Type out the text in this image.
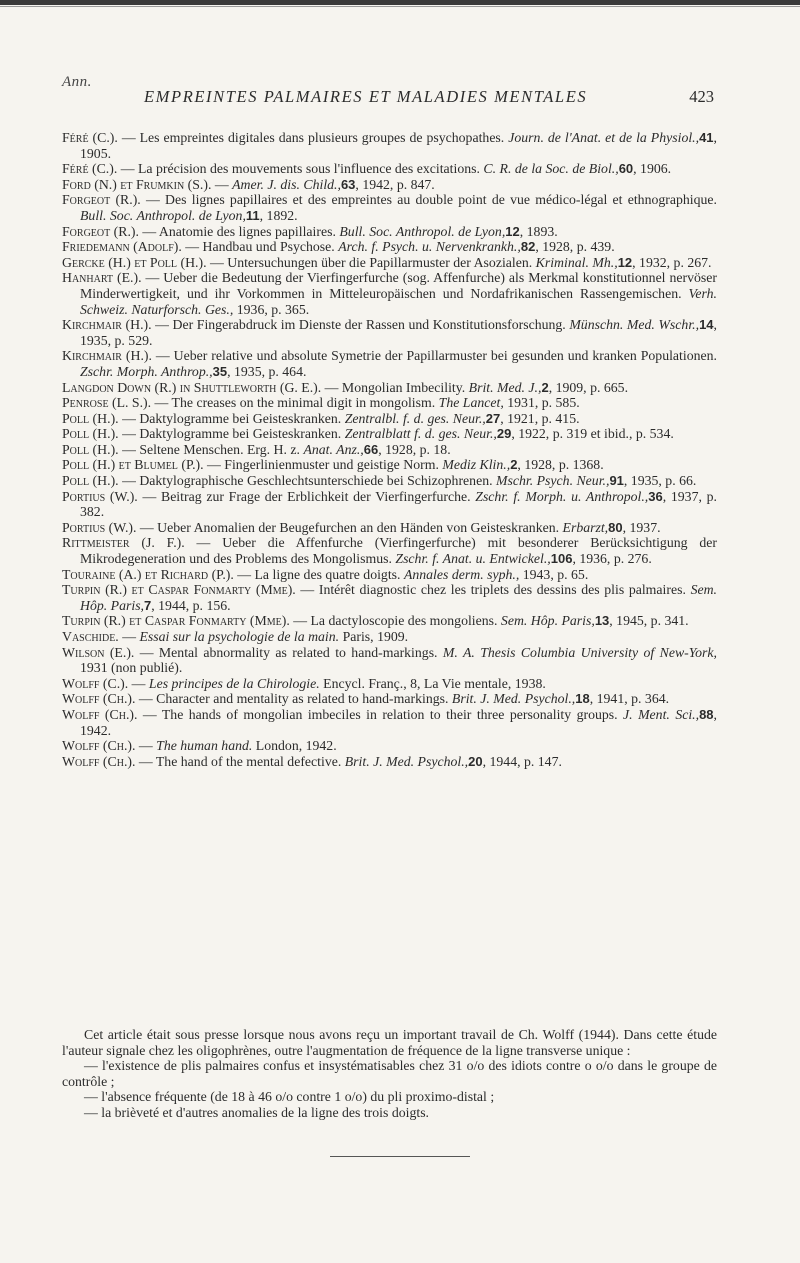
Ann.
EMPREINTES PALMAIRES ET MALADIES MENTALES	423

Féré (C.). — Les empreintes digitales dans plusieurs groupes de psychopathes. Journ. de l'Anat. et de la Physiol.,41, 1905.

Féré (C.). — La précision des mouvements sous l'influence des excitations. C. R. de la Soc. de Biol.,60, 1906.

Ford (N.) et Frumkin (S.). — Amer. J. dis. Child.,63, 1942, p. 847.

Forgeot (R.). — Des lignes papillaires et des empreintes au double point de vue médico-légal et ethnographique. Bull. Soc. Anthropol. de Lyon,11, 1892.

Forgeot (R.). — Anatomie des lignes papillaires. Bull. Soc. Anthropol. de Lyon,12, 1893.

Friedemann (Adolf). — Handbau und Psychose. Arch. f. Psych. u. Nervenkrankh.,82, 1928, p. 439.

Gercke (H.) et Poll (H.). — Untersuchungen über die Papillarmuster der Asozialen. Kriminal. Mh.,12, 1932, p. 267.

Hanhart (E.). — Ueber die Bedeutung der Vierfingerfurche (sog. Affenfurche) als Merkmal konstitutionnel nervöser Minderwertigkeit, und ihr Vorkommen in Mitteleuropäischen und Nordafrikanischen Rassengemischen. Verh. Schweiz. Naturforsch. Ges., 1936, p. 365.

Kirchmair (H.). — Der Fingerabdruck im Dienste der Rassen und Konstitutionsforschung. Münschn. Med. Wschr.,14, 1935, p. 529.

Kirchmair (H.). — Ueber relative und absolute Symetrie der Papillarmuster bei gesunden und kranken Populationen. Zschr. Morph. Anthrop.,35, 1935, p. 464.

Langdon Down (R.) in Shuttleworth (G. E.). — Mongolian Imbecility. Brit. Med. J.,2, 1909, p. 665.

Penrose (L. S.). — The creases on the minimal digit in mongolism. The Lancet, 1931, p. 585.

Poll (H.). — Daktylogramme bei Geisteskranken. Zentralbl. f. d. ges. Neur.,27, 1921, p. 415.

Poll (H.). — Daktylogramme bei Geisteskranken. Zentralblatt f. d. ges. Neur.,29, 1922, p. 319 et ibid., p. 534.

Poll (H.). — Seltene Menschen. Erg. H. z. Anat. Anz.,66, 1928, p. 18.

Poll (H.) et Blumel (P.). — Fingerlinienmuster und geistige Norm. Mediz Klin.,2, 1928, p. 1368.

Poll (H.). — Daktylographische Geschlechtsunterschiede bei Schizophrenen. Mschr. Psych. Neur.,91, 1935, p. 66.

Portius (W.). — Beitrag zur Frage der Erblichkeit der Vierfingerfurche. Zschr. f. Morph. u. Anthropol.,36, 1937, p. 382.

Portius (W.). — Ueber Anomalien der Beugefurchen an den Händen von Geisteskranken. Erbarzt,80, 1937.

Rittmeister (J. F.). — Ueber die Affenfurche (Vierfingerfurche) mit besonderer Berücksichtigung der Mikrodegeneration und des Problems des Mongolismus. Zschr. f. Anat. u. Entwickel.,106, 1936, p. 276.

Touraine (A.) et Richard (P.). — La ligne des quatre doigts. Annales derm. syph., 1943, p. 65.

Turpin (R.) et Caspar Fonmarty (Mme). — Intérêt diagnostic chez les triplets des dessins des plis palmaires. Sem. Hôp. Paris,7, 1944, p. 156.

Turpin (R.) et Caspar Fonmarty (Mme). — La dactyloscopie des mongoliens. Sem. Hôp. Paris,13, 1945, p. 341.

Vaschide. — Essai sur la psychologie de la main. Paris, 1909.

Wilson (E.). — Mental abnormality as related to hand-markings. M. A. Thesis Columbia University of New-York, 1931 (non publié).

Wolff (C.). — Les principes de la Chirologie. Encycl. Franç., 8, La Vie mentale, 1938.

Wolff (Ch.). — Character and mentality as related to hand-markings. Brit. J. Med. Psychol.,18, 1941, p. 364.

Wolff (Ch.). — The hands of mongolian imbeciles in relation to their three personality groups. J. Ment. Sci.,88, 1942.

Wolff (Ch.). — The human hand. London, 1942.

Wolff (Ch.). — The hand of the mental defective. Brit. J. Med. Psychol.,20, 1944, p. 147.

Cet article était sous presse lorsque nous avons reçu un important travail de Ch. Wolff (1944). Dans cette étude l'auteur signale chez les oligophrènes, outre l'augmentation de fréquence de la ligne transverse unique :

— l'existence de plis palmaires confus et insystématisables chez 31 o/o des idiots contre o o/o dans le groupe de contrôle ;

— l'absence fréquente (de 18 à 46 o/o contre 1 o/o) du pli proximo-distal ;

— la brièveté et d'autres anomalies de la ligne des trois doigts.
